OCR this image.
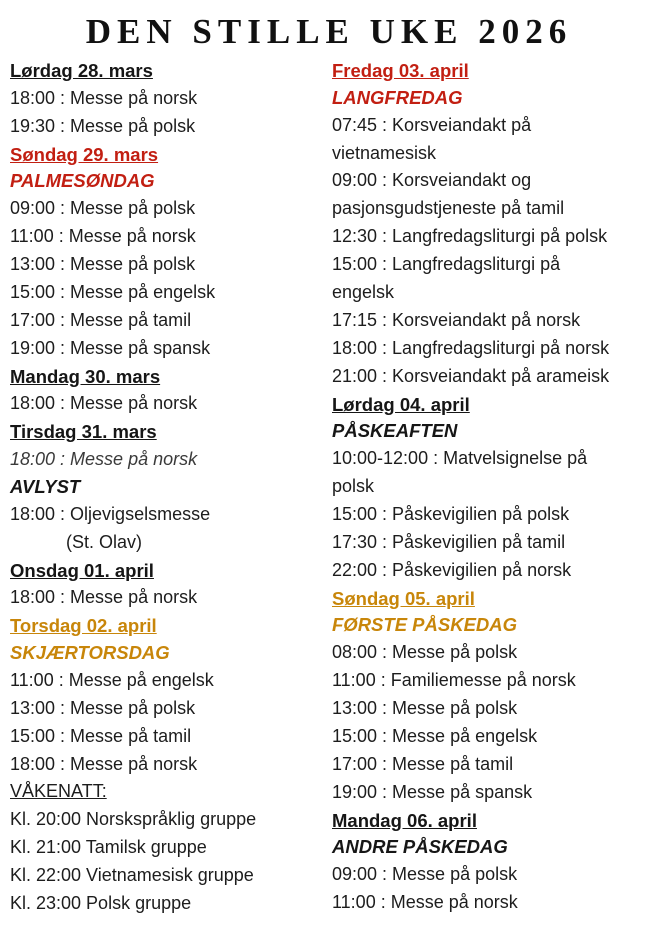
DEN STILLE UKE 2026
Lørdag 28. mars
18:00 : Messe på norsk
19:30 : Messe på polsk
Søndag 29. mars
PALMESØNDAG
09:00 : Messe på polsk
11:00 : Messe på norsk
13:00 : Messe på polsk
15:00 : Messe på engelsk
17:00 : Messe på tamil
19:00 : Messe på spansk
Mandag 30. mars
18:00 : Messe på norsk
Tirsdag 31. mars
18:00 : Messe på norsk
AVLYST
18:00 : Oljevigselsmesse
(St. Olav)
Onsdag 01. april
18:00 : Messe på norsk
Torsdag 02. april
SKJÆRTORSDAG
11:00 : Messe på engelsk
13:00 : Messe på polsk
15:00 : Messe på tamil
18:00 : Messe på norsk
VÅKENATT:
Kl. 20:00 Norskspråklig gruppe
Kl. 21:00 Tamilsk gruppe
Kl. 22:00 Vietnamesisk gruppe
Kl. 23:00 Polsk gruppe
Fredag 03. april
LANGFREDAG
07:45 : Korsveiandakt på
vietnamesisk
09:00 : Korsveiandakt og
pasjonsgudstjeneste på tamil
12:30 : Langfredagsliturgi på polsk
15:00 : Langfredagsliturgi på
engelsk
17:15 : Korsveiandakt på norsk
18:00 : Langfredagsliturgi på norsk
21:00 : Korsveiandakt på arameisk
Lørdag 04. april
PÅSKEAFTEN
10:00-12:00 : Matvelsignelse på
polsk
15:00 : Påskevigilien på polsk
17:30 : Påskevigilien på tamil
22:00 : Påskevigilien på norsk
Søndag 05. april
FØRSTE PÅSKEDAG
08:00 : Messe på polsk
11:00 : Familiemesse på norsk
13:00 : Messe på polsk
15:00 : Messe på engelsk
17:00 : Messe på tamil
19:00 : Messe på spansk
Mandag 06. april
ANDRE PÅSKEDAG
09:00 : Messe på polsk
11:00 : Messe på norsk
